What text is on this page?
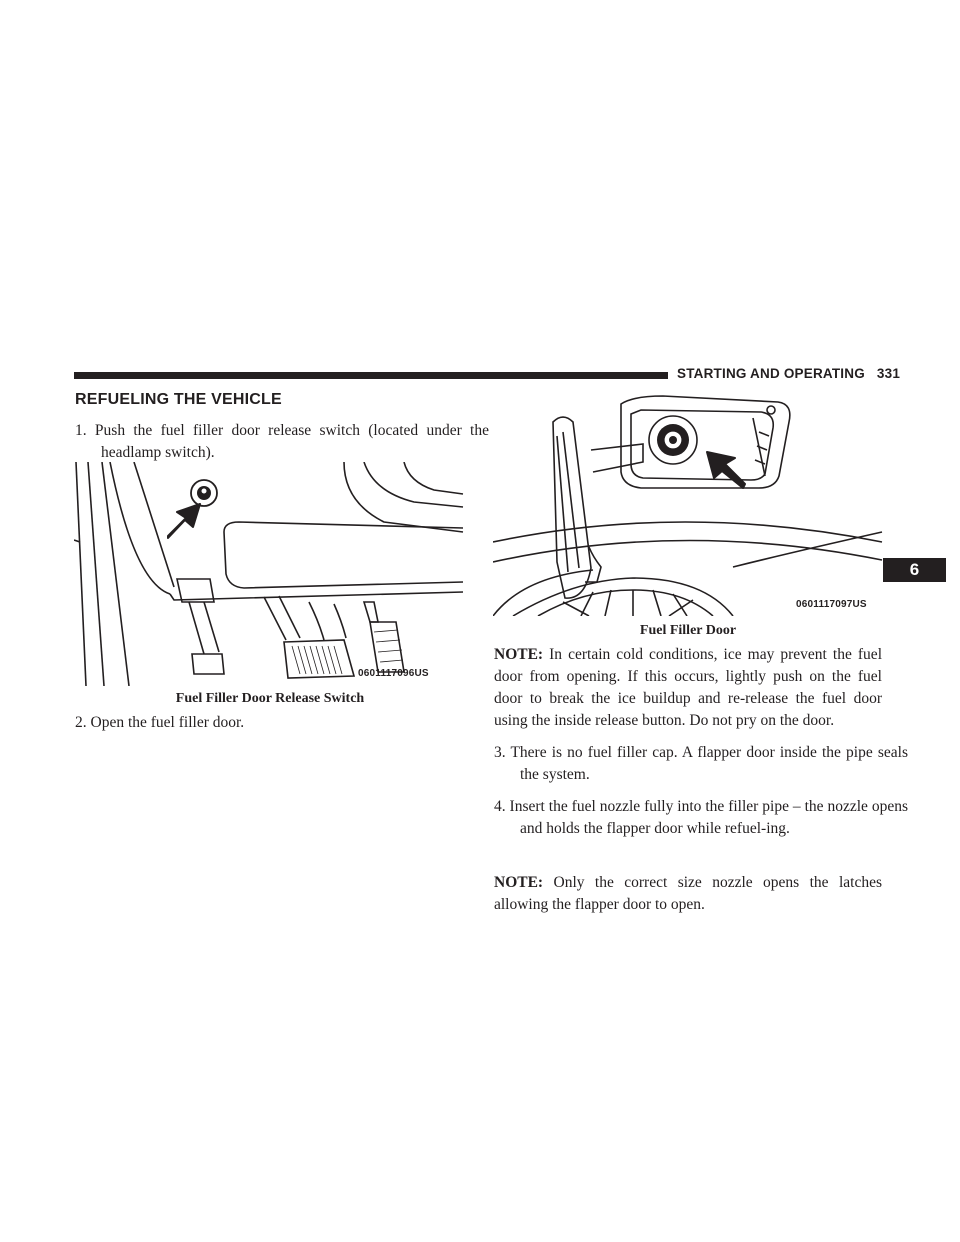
STARTING AND OPERATING 331
6
REFUELING THE VEHICLE

1. Push the fuel filler door release switch (located under the headlamp switch).

0601117096US
Fuel Filler Door Release Switch

2. Open the fuel filler door.

0601117097US
Fuel Filler Door

NOTE: In certain cold conditions, ice may prevent the fuel door from opening. If this occurs, lightly push on the fuel door to break the ice buildup and re-release the fuel door using the inside release button. Do not pry on the door.

3. There is no fuel filler cap. A flapper door inside the pipe seals the system.

4. Insert the fuel nozzle fully into the filler pipe – the nozzle opens and holds the flapper door while refuel-ing.

NOTE: Only the correct size nozzle opens the latches allowing the flapper door to open.
